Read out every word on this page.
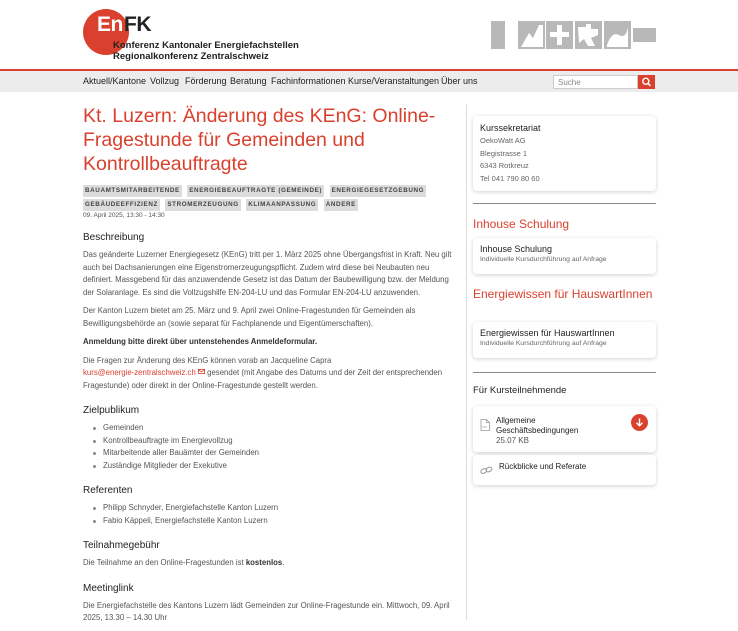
En FK
Konferenz Kantonaler Energiefachstellen
Regionalkonferenz Zentralschweiz
Aktuell/Kantone Vollzug Förderung Beratung Fachinformationen Kurse/Veranstaltungen Über uns
Suche
Kt. Luzern: Änderung des KEnG: Online-Fragestunde für Gemeinden und Kontrollbeauftragte
BAUAMTSMITARBEITENDE ENERGIEBEAUFTRAGTE (GEMEINDE) ENERGIEGESETZGEBUNG GEBÄUDEEFFIZIENZ STROMERZEUGUNG KLIMAANPASSUNG ANDERE
09. April 2025, 13:30 - 14:30
Beschreibung

Das geänderte Luzerner Energiegesetz (KEnG) tritt per 1. März 2025 ohne Übergangsfrist in Kraft. Neu gilt auch bei Dachsanierungen eine Eigenstromerzeugungspflicht. Zudem wird diese bei Neubauten neu definiert. Massgebend für das anzuwendende Gesetz ist das Datum der Baubewilligung bzw. der Meldung der Solaranlage. Es sind die Vollzugshilfe EN-204-LU und das Formular EN-204-LU anzuwenden.

Der Kanton Luzern bietet am 25. März und 9. April zwei Online-Fragestunden für Gemeinden als Bewilligungsbehörde an (sowie separat für Fachplanende und Eigentümerschaften).

Anmeldung bitte direkt über untenstehendes Anmeldeformular.

Die Fragen zur Änderung des KEnG können vorab an Jacqueline Capra
kurs@energie-zentralschweiz.ch  gesendet (mit Angabe des Datums und der Zeit der entsprechenden Fragestunde) oder direkt in der Online-Fragestunde gestellt werden.

Zielpublikum
Gemeinden
Kontrollbeauftragte im Energievollzug
Mitarbeitende aller Bauämter der Gemeinden
Zuständige Mitglieder der Exekutive
Referenten
Philipp Schnyder, Energiefachstelle Kanton Luzern
Fabio Käppeli, Energiefachstelle Kanton Luzern
Teilnahmegebühr

Die Teilnahme an den Online-Fragestunden ist kostenlos.

Meetinglink

Die Energiefachstelle des Kantons Luzern lädt Gemeinden zur Online-Fragestunde ein. Mittwoch, 09. April 2025, 13.30 – 14.30 Uhr

Kurssekretariat
OekoWatt AG
Blegistrasse 1
6343 Rotkreuz
Tel 041 790 80 60
Inhouse Schulung
Inhouse Schulung
Individuelle Kursdurchführung auf Anfrage
Energiewissen für HauswartInnen
Energiewissen für HauswartInnen
Individuelle Kursdurchführung auf Anfrage
Für Kursteilnehmende
PDF
Allgemeine Geschäftsbedingungen
25.07 KB
Rückblicke und Referate
